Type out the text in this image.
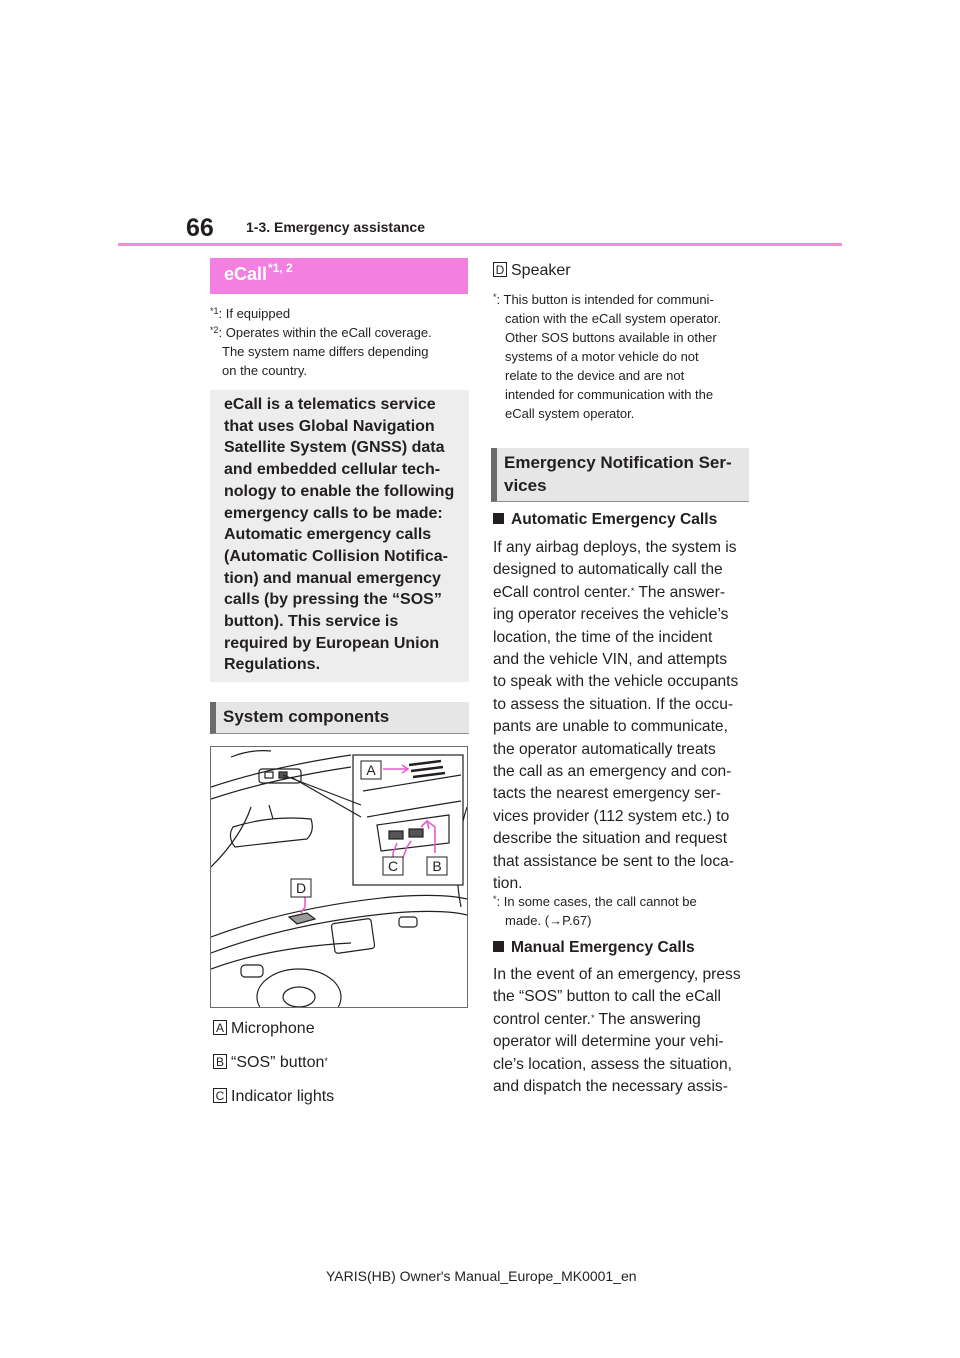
66 1-3. Emergency assistance
eCall$^{*1, 2}$
$^{*1}$: If equipped
$^{*2}$: Operates within the eCall coverage.
The system name differs depending
on the country.
eCall is a telematics service
that uses Global Navigation
Satellite System (GNSS) data
and embedded cellular tech-
nology to enable the following
emergency calls to be made:
Automatic emergency calls
(Automatic Collision Notifica-
tion) and manual emergency
calls (by pressing the “SOS”
button). This service is
required by European Union
Regulations.
System components
A
C B
D
A Microphone
B “SOS” button*
C Indicator lights
D Speaker
*: This button is intended for communi-
cation with the eCall system operator.
Other SOS buttons available in other
systems of a motor vehicle do not
relate to the device and are not
intended for communication with the
eCall system operator.
Emergency Notification Ser-
vices
Automatic Emergency Calls
If any airbag deploys, the system is
designed to automatically call the
eCall control center.* The answer-
ing operator receives the vehicle’s
location, the time of the incident
and the vehicle VIN, and attempts
to speak with the vehicle occupants
to assess the situation. If the occu-
pants are unable to communicate,
the operator automatically treats
the call as an emergency and con-
tacts the nearest emergency ser-
vices provider (112 system etc.) to
describe the situation and request
that assistance be sent to the loca-
tion.
*: In some cases, the call cannot be
made. (→P.67)
Manual Emergency Calls
In the event of an emergency, press
the “SOS” button to call the eCall
control center.* The answering
operator will determine your vehi-
cle’s location, assess the situation,
and dispatch the necessary assis-
YARIS(HB) Owner's Manual_Europe_MK0001_en
